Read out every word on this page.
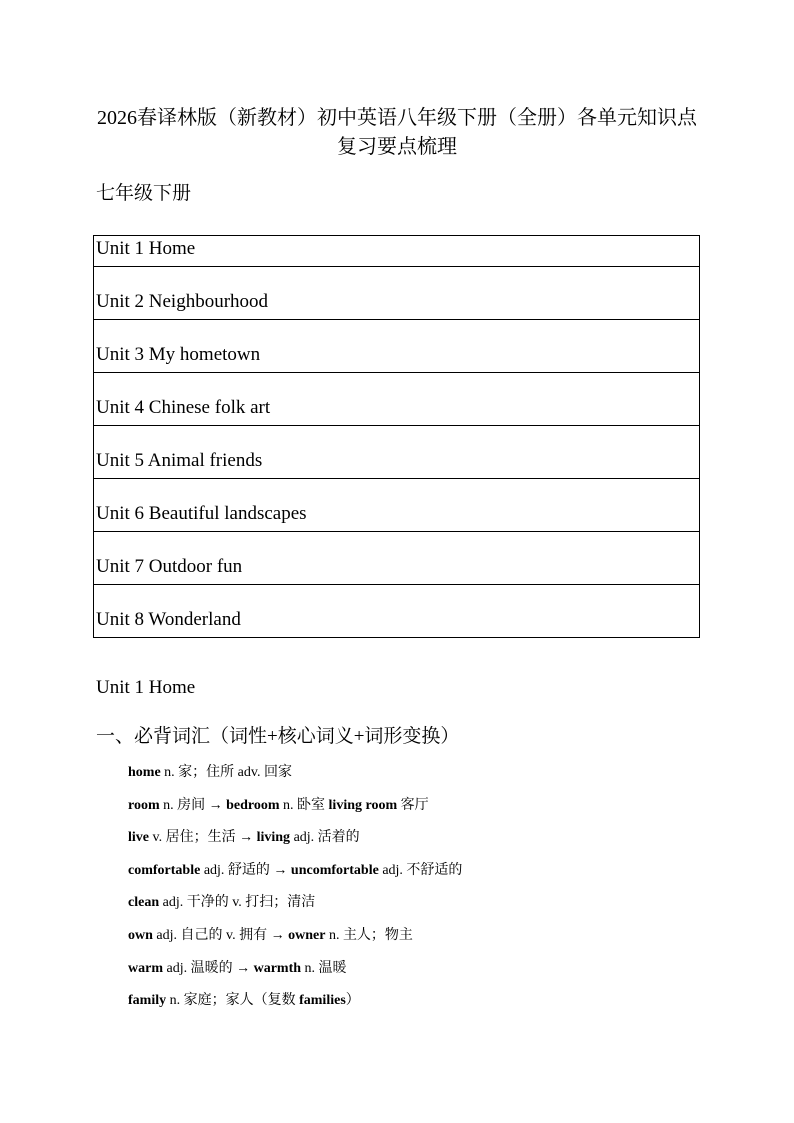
2026春译林版（新教材）初中英语八年级下册（全册）各单元知识点复习要点梳理
七年级下册
Unit 1 Home
Unit 2 Neighbourhood
Unit 3 My hometown
Unit 4 Chinese folk art
Unit 5 Animal friends
Unit 6 Beautiful landscapes
Unit 7 Outdoor fun
Unit 8 Wonderland
Unit 1 Home
一、必背词汇（词性+核心词义+词形变换）
home n. 家；住所 adv. 回家
room n. 房间 → bedroom n. 卧室 living room 客厅
live v. 居住；生活 → living adj. 活着的
comfortable adj. 舒适的 → uncomfortable adj. 不舒适的
clean adj. 干净的 v. 打扫；清洁
own adj. 自己的 v. 拥有 → owner n. 主人；物主
warm adj. 温暖的 → warmth n. 温暖
family n. 家庭；家人（复数 families）
